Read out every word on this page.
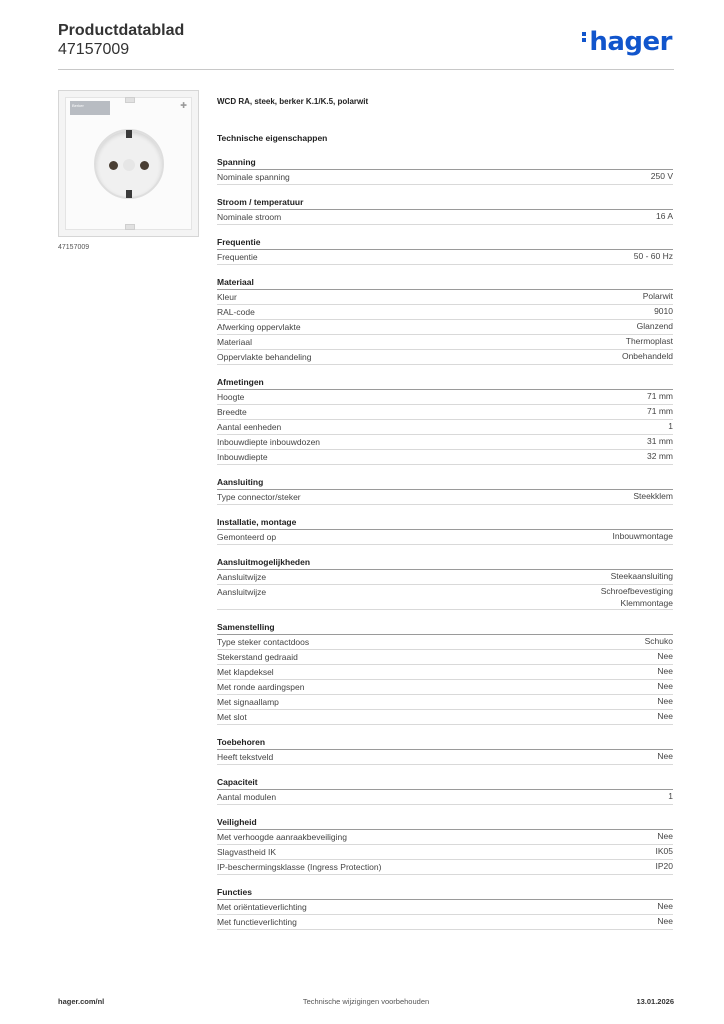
Productdatablad
47157009	hager
Berker	✚
47157009
WCD RA, steek, berker K.1/K.5, polarwit
Technische eigenschappen
Spanning
Nominale spanning	250 V
Stroom / temperatuur
Nominale stroom	16 A
Frequentie
Frequentie	50 - 60 Hz
Materiaal
Kleur	Polarwit
RAL-code	9010
Afwerking oppervlakte	Glanzend
Materiaal	Thermoplast
Oppervlakte behandeling	Onbehandeld
Afmetingen
Hoogte	71 mm
Breedte	71 mm
Aantal eenheden	1
Inbouwdiepte inbouwdozen	31 mm
Inbouwdiepte	32 mm
Aansluiting
Type connector/steker	Steekklem
Installatie, montage
Gemonteerd op	Inbouwmontage
Aansluitmogelijkheden
Aansluitwijze	Steekaansluiting
Aansluitwijze	Schroefbevestiging
Klemmontage
Samenstelling
Type steker contactdoos	Schuko
Stekerstand gedraaid	Nee
Met klapdeksel	Nee
Met ronde aardingspen	Nee
Met signaallamp	Nee
Met slot	Nee
Toebehoren
Heeft tekstveld	Nee
Capaciteit
Aantal modulen	1
Veiligheid
Met verhoogde aanraakbeveiliging	Nee
Slagvastheid IK	IK05
IP-beschermingsklasse (Ingress Protection)	IP20
Functies
Met oriëntatieverlichting	Nee
Met functieverlichting	Nee
Technische wijzigingen voorbehouden
hager.com/nl	13.01.2026
